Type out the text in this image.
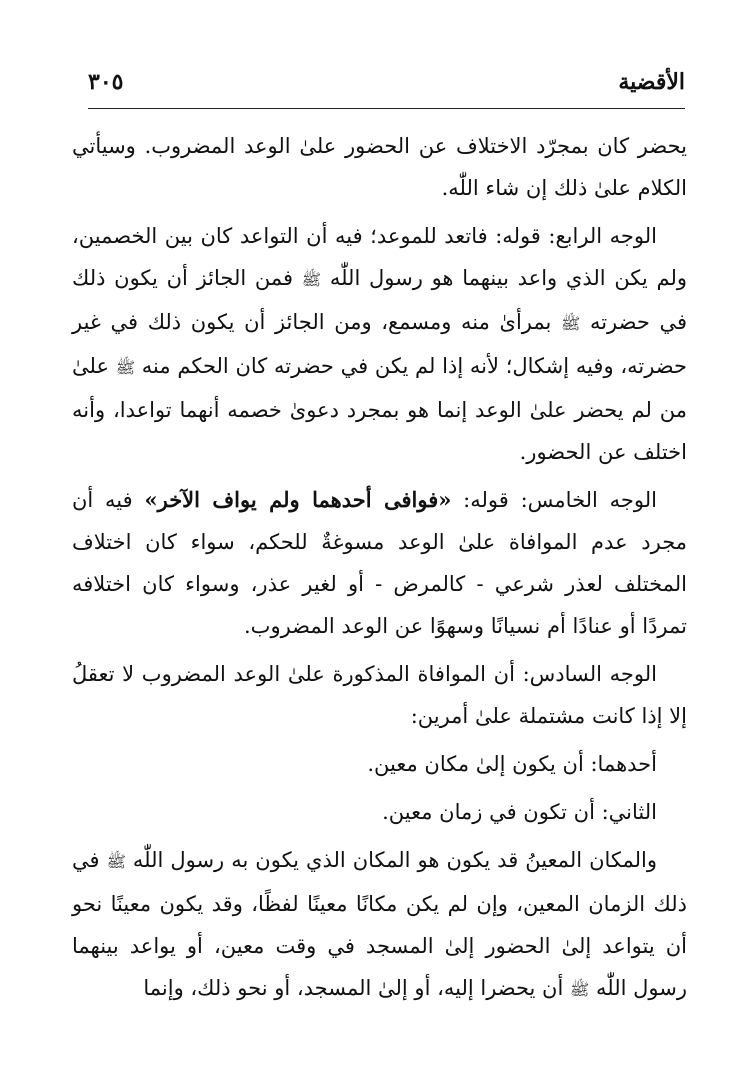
الأقضية
٣٠٥

يحضر كان بمجرّد الاختلاف عن الحضور علىٰ الوعد المضروب. وسيأتي الكلام علىٰ ذلك إن شاء اللّٰه.

الوجه الرابع: قوله: فاتعد للموعد؛ فيه أن التواعد كان بين الخصمين، ولم يكن الذي واعد بينهما هو رسول اللّٰه ﷺ فمن الجائز أن يكون ذلك في حضرته ﷺ بمرأىٰ منه ومسمع، ومن الجائز أن يكون ذلك في غير حضرته، وفيه إشكال؛ لأنه إذا لم يكن في حضرته كان الحكم منه ﷺ علىٰ من لم يحضر علىٰ الوعد إنما هو بمجرد دعوىٰ خصمه أنهما تواعدا، وأنه اختلف عن الحضور.

الوجه الخامس: قوله: «فوافى أحدهما ولم يواف الآخر» فيه أن مجرد عدم الموافاة علىٰ الوعد مسوغةٌ للحكم، سواء كان اختلاف المختلف لعذر شرعي - كالمرض - أو لغير عذر، وسواء كان اختلافه تمردًا أو عنادًا أم نسيانًا وسهوًا عن الوعد المضروب.

الوجه السادس: أن الموافاة المذكورة علىٰ الوعد المضروب لا تعقلُ إلا إذا كانت مشتملة علىٰ أمرين:

أحدهما: أن يكون إلىٰ مكان معين.

الثاني: أن تكون في زمان معين.

والمكان المعينُ قد يكون هو المكان الذي يكون به رسول اللّٰه ﷺ في ذلك الزمان المعين، وإن لم يكن مكانًا معينًا لفظًا، وقد يكون معينًا نحو أن يتواعد إلىٰ الحضور إلىٰ المسجد في وقت معين، أو يواعد بينهما رسول اللّٰه ﷺ أن يحضرا إليه، أو إلىٰ المسجد، أو نحو ذلك، وإنما
